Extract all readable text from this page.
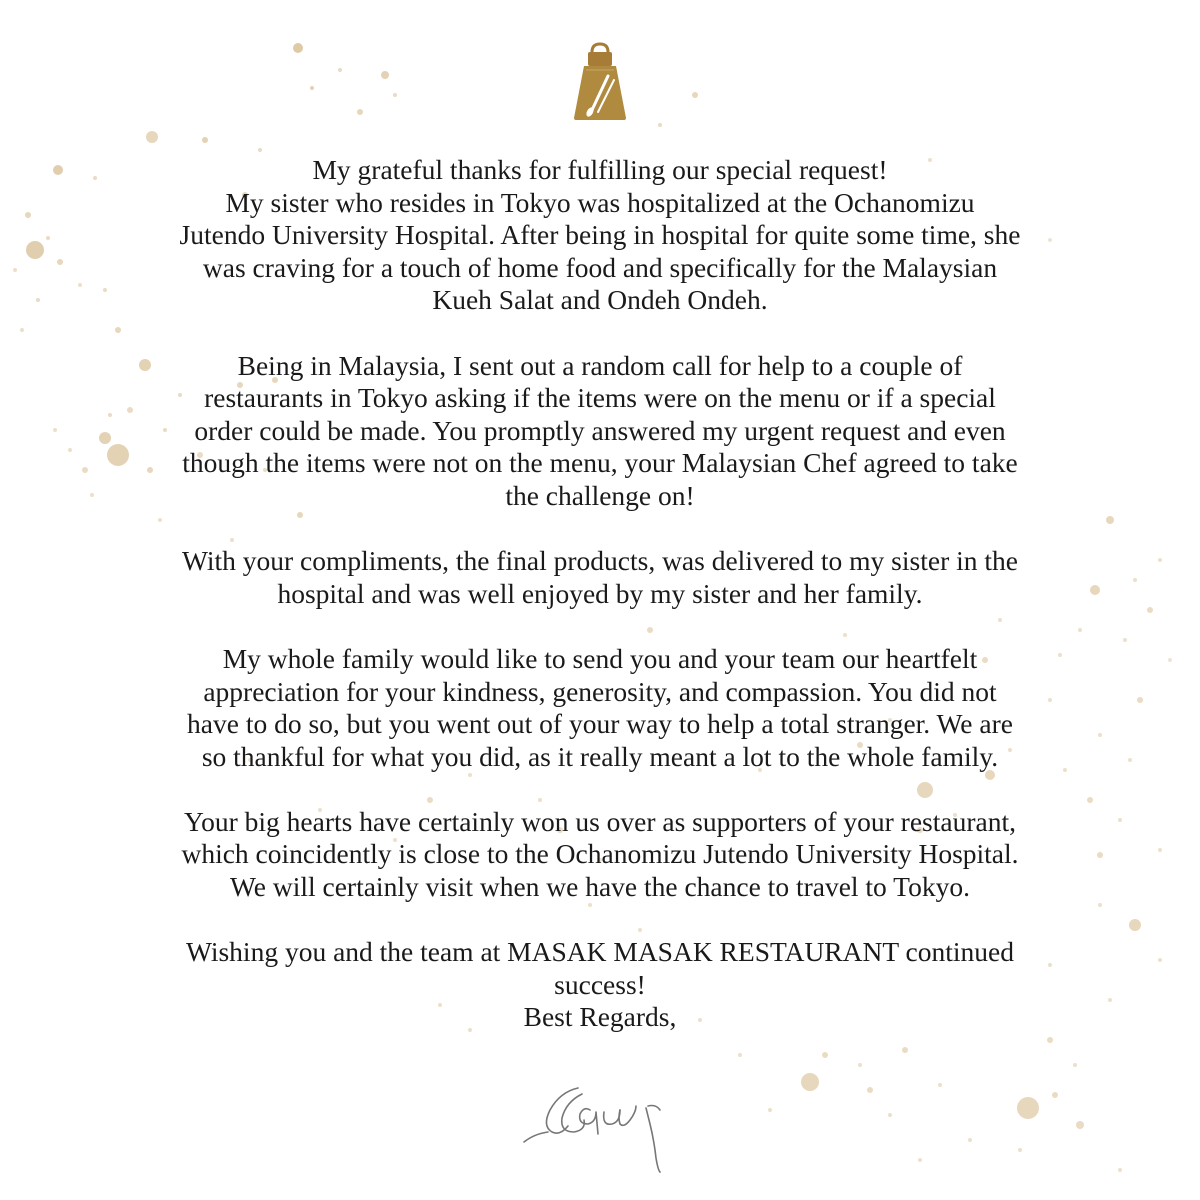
My grateful thanks for fulfilling our special request!

My sister who resides in Tokyo was hospitalized at the Ochanomizu
Jutendo University Hospital. After being in hospital for quite some time, she
was craving for a touch of home food and specifically for the Malaysian
Kueh Salat and Ondeh Ondeh.

Being in Malaysia, I sent out a random call for help to a couple of
restaurants in Tokyo asking if the items were on the menu or if a special
order could be made. You promptly answered my urgent request and even
though the items were not on the menu, your Malaysian Chef agreed to take
the challenge on!

With your compliments, the final products, was delivered to my sister in the
hospital and was well enjoyed by my sister and her family.

My whole family would like to send you and your team our heartfelt
appreciation for your kindness, generosity, and compassion. You did not
have to do so, but you went out of your way to help a total stranger. We are
so thankful for what you did, as it really meant a lot to the whole family.

Your big hearts have certainly won us over as supporters of your restaurant,
which coincidently is close to the Ochanomizu Jutendo University Hospital.
We will certainly visit when we have the chance to travel to Tokyo.

Wishing you and the team at MASAK MASAK RESTAURANT continued
success!
Best Regards,
